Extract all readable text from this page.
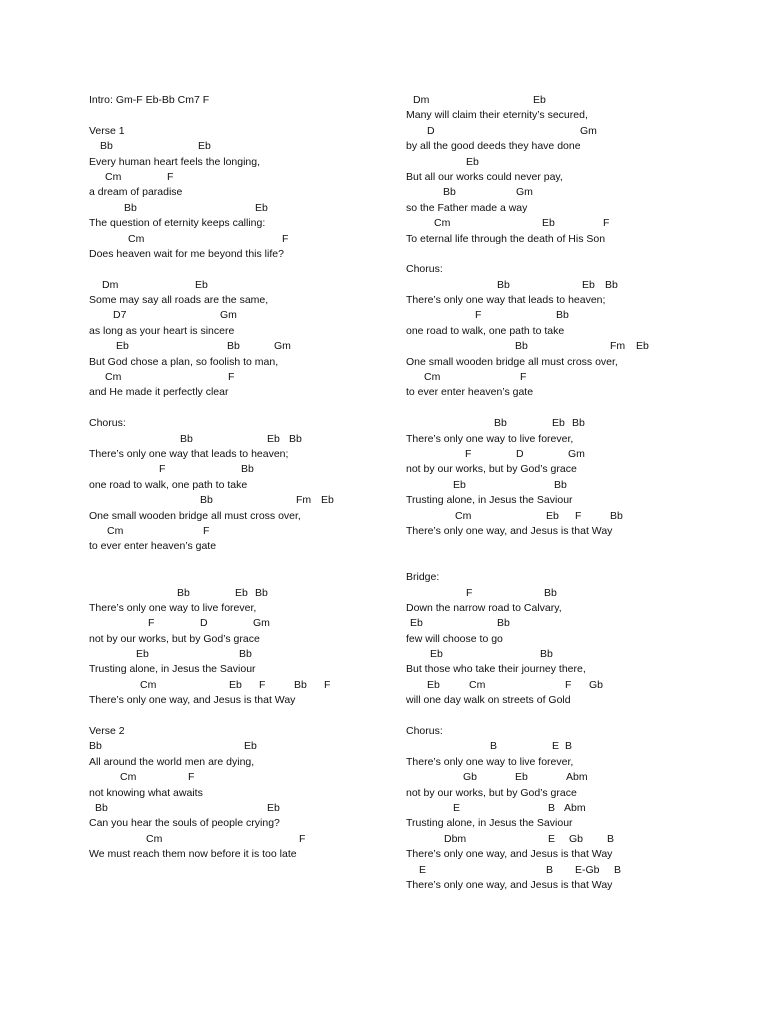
Intro: Gm-F Eb-Bb Cm7 F
Verse 1
Bb	Eb
Every human heart feels the longing,
Cm	F
a dream of paradise
Bb	Eb
The question of eternity keeps calling:
Cm	F
Does heaven wait for me beyond this life?
Dm	Eb
Some may say all roads are the same,
D7	Gm
as long as your heart is sincere
Eb	Bb	Gm
But God chose a plan, so foolish to man,
Cm	F
and He made it perfectly clear
Chorus:
Bb	Eb Bb
There’s only one way that leads to heaven;
F	Bb
one road to walk, one path to take
Bb	Fm Eb
One small wooden bridge all must cross over,
Cm	F
to ever enter heaven’s gate
Bb	Eb Bb
There’s only one way to live forever,
F	D	Gm
not by our works, but by God’s grace
Eb	Bb
Trusting alone, in Jesus the Saviour
Cm	Eb F	Bb F
There’s only one way, and Jesus is that Way
Verse 2
Bb	Eb
All around the world men are dying,
Cm	F
not knowing what awaits
Bb	Eb
Can you hear the souls of people crying?
Cm	F
We must reach them now before it is too late
Dm	Eb
Many will claim their eternity’s secured,
D	Gm
by all the good deeds they have done
Eb
But all our works could never pay,
Bb	Gm
so the Father made a way
Cm	Eb	F
To eternal life through the death of His Son
Chorus:
Bb	Eb Bb
There’s only one way that leads to heaven;
F	Bb
one road to walk, one path to take
Bb	Fm Eb
One small wooden bridge all must cross over,
Cm	F
to ever enter heaven’s gate
Bb	Eb Bb
There’s only one way to live forever,
F	D	Gm
not by our works, but by God’s grace
Eb	Bb
Trusting alone, in Jesus the Saviour
Cm	Eb F	Bb
There’s only one way, and Jesus is that Way
Bridge:
F	Bb
Down the narrow road to Calvary,
Eb	Bb
few will choose to go
Eb	Bb
But those who take their journey there,
Eb	Cm	F Gb
will one day walk on streets of Gold
Chorus:
B	E B
There’s only one way to live forever,
Gb	Eb	Abm
not by our works, but by God’s grace
E	B Abm
Trusting alone, in Jesus the Saviour
Dbm	E Gb B
There’s only one way, and Jesus is that Way
E	B E-Gb B
There’s only one way, and Jesus is that Way
